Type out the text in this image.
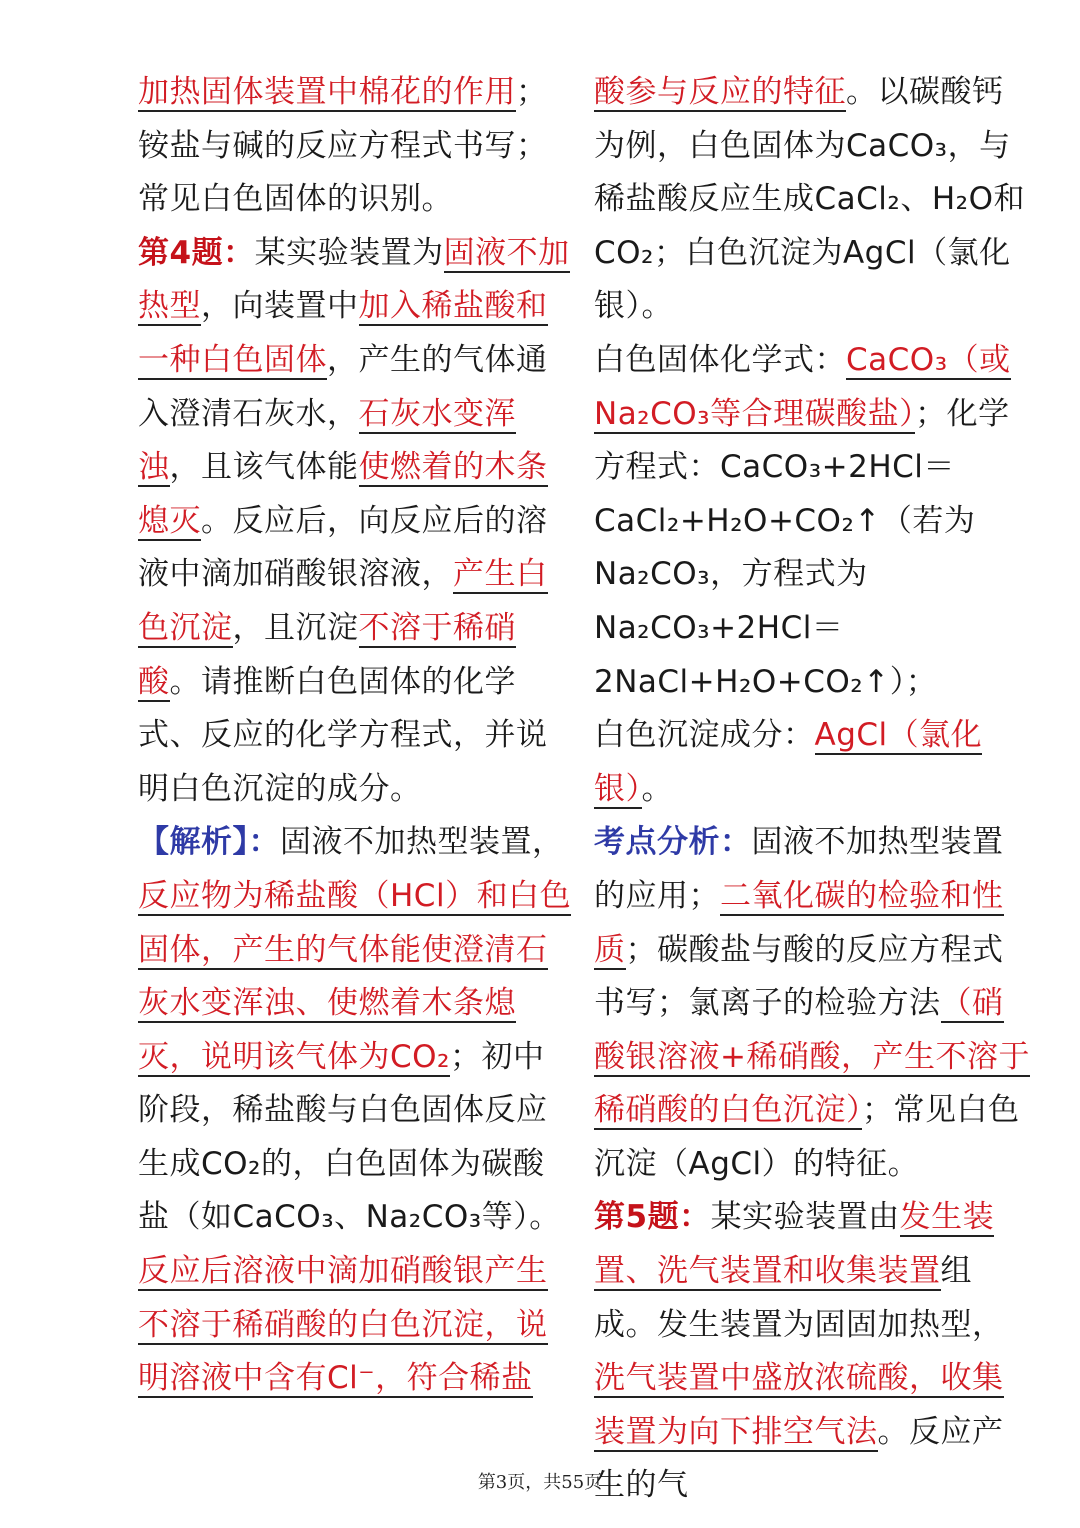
加热固体装置中棉花的作用；铵盐与碱的反应方程式书写；常见白色固体的识别。

第4题：某实验装置为固液不加热型，向装置中加入稀盐酸和一种白色固体，产生的气体通入澄清石灰水，石灰水变浑浊，且该气体能使燃着的木条熄灭。反应后，向反应后的溶液中滴加硝酸银溶液，产生白色沉淀，且沉淀不溶于稀硝酸。请推断白色固体的化学式、反应的化学方程式，并说明白色沉淀的成分。

【解析】：固液不加热型装置，反应物为稀盐酸（HCl）和白色固体，产生的气体能使澄清石灰水变浑浊、使燃着木条熄灭，说明该气体为CO₂；初中阶段，稀盐酸与白色固体反应生成CO₂的，白色固体为碳酸盐（如CaCO₃、Na₂CO₃等）。反应后溶液中滴加硝酸银产生不溶于稀硝酸的白色沉淀，说明溶液中含有Cl⁻，符合稀盐

酸参与反应的特征。以碳酸钙为例，白色固体为CaCO₃，与稀盐酸反应生成CaCl₂、H₂O和CO₂；白色沉淀为AgCl（氯化银）。

白色固体化学式：CaCO₃（或Na₂CO₃等合理碳酸盐）；化学方程式：CaCO₃+2HCl＝CaCl₂+H₂O+CO₂↑（若为Na₂CO₃，方程式为Na₂CO₃+2HCl＝2NaCl+H₂O+CO₂↑）；

白色沉淀成分：AgCl（氯化银）。

考点分析：固液不加热型装置的应用；二氧化碳的检验和性质；碳酸盐与酸的反应方程式书写；氯离子的检验方法（硝酸银溶液+稀硝酸，产生不溶于稀硝酸的白色沉淀）；常见白色沉淀（AgCl）的特征。

第5题：某实验装置由发生装置、洗气装置和收集装置组成。发生装置为固固加热型，洗气装置中盛放浓硫酸，收集装置为向下排空气法。反应产生的气

第3页，共55页
